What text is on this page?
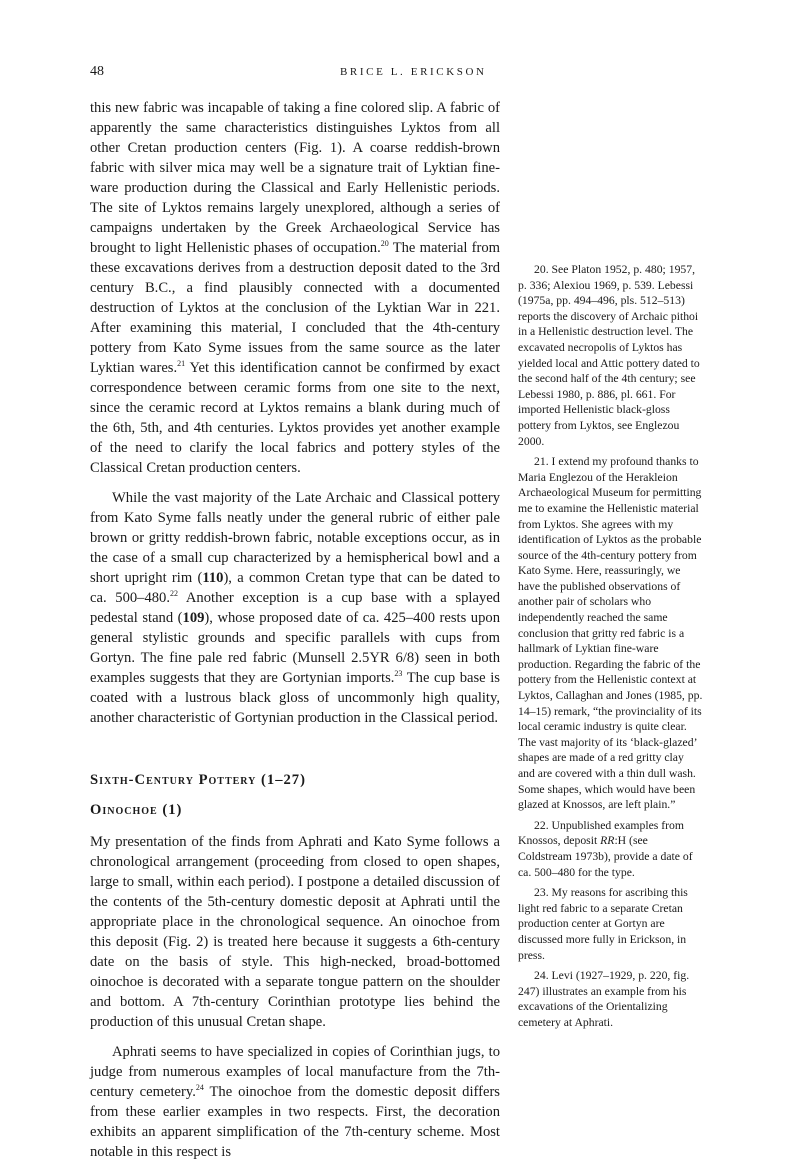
48	BRICE L. ERICKSON

this new fabric was incapable of taking a fine colored slip. A fabric of apparently the same characteristics distinguishes Lyktos from all other Cretan production centers (Fig. 1). A coarse reddish-brown fabric with silver mica may well be a signature trait of Lyktian fine-ware production during the Classical and Early Hellenistic periods. The site of Lyktos remains largely unexplored, although a series of campaigns undertaken by the Greek Archaeological Service has brought to light Hellenistic phases of occupation.$^{20}$ The material from these excavations derives from a destruction deposit dated to the 3rd century B.C., a find plausibly connected with a documented destruction of Lyktos at the conclusion of the Lyktian War in 221. After examining this material, I concluded that the 4th-century pottery from Kato Syme issues from the same source as the later Lyktian wares.$^{21}$ Yet this identification cannot be confirmed by exact correspondence between ceramic forms from one site to the next, since the ceramic record at Lyktos remains a blank during much of the 6th, 5th, and 4th centuries. Lyktos provides yet another example of the need to clarify the local fabrics and pottery styles of the Classical Cretan production centers.

While the vast majority of the Late Archaic and Classical pottery from Kato Syme falls neatly under the general rubric of either pale brown or gritty reddish-brown fabric, notable exceptions occur, as in the case of a small cup characterized by a hemispherical bowl and a short upright rim (110), a common Cretan type that can be dated to ca. 500–480.22 Another exception is a cup base with a splayed pedestal stand (109), whose proposed date of ca. 425–400 rests upon general stylistic grounds and specific parallels with cups from Gortyn. The fine pale red fabric (Munsell 2.5YR 6/8) seen in both examples suggests that they are Gortynian imports.$^{23}$ The cup base is coated with a lustrous black gloss of uncommonly high quality, another characteristic of Gortynian production in the Classical period.

Sixth-Century Pottery (1–27)
Oinochoe (1)

My presentation of the finds from Aphrati and Kato Syme follows a chronological arrangement (proceeding from closed to open shapes, large to small, within each period). I postpone a detailed discussion of the contents of the 5th-century domestic deposit at Aphrati until the appropriate place in the chronological sequence. An oinochoe from this deposit (Fig. 2) is treated here because it suggests a 6th-century date on the basis of style. This high-necked, broad-bottomed oinochoe is decorated with a separate tongue pattern on the shoulder and bottom. A 7th-century Corinthian prototype lies behind the production of this unusual Cretan shape.

Aphrati seems to have specialized in copies of Corinthian jugs, to judge from numerous examples of local manufacture from the 7th-century cemetery.$^{24}$ The oinochoe from the domestic deposit differs from these earlier examples in two respects. First, the decoration exhibits an apparent simplification of the 7th-century scheme. Most notable in this respect is

20. See Platon 1952, p. 480; 1957, p. 336; Alexiou 1969, p. 539. Lebessi (1975a, pp. 494–496, pls. 512–513) reports the discovery of Archaic pithoi in a Hellenistic destruction level. The excavated necropolis of Lyktos has yielded local and Attic pottery dated to the second half of the 4th century; see Lebessi 1980, p. 886, pl. 661. For imported Hellenistic black-gloss pottery from Lyktos, see Englezou 2000.

21. I extend my profound thanks to Maria Englezou of the Herakleion Archaeological Museum for permitting me to examine the Hellenistic material from Lyktos. She agrees with my identification of Lyktos as the probable source of the 4th-century pottery from Kato Syme. Here, reassuringly, we have the published observations of another pair of scholars who independently reached the same conclusion that gritty red fabric is a hallmark of Lyktian fine-ware production. Regarding the fabric of the pottery from the Hellenistic context at Lyktos, Callaghan and Jones (1985, pp. 14–15) remark, “the provinciality of its local ceramic industry is quite clear. The vast majority of its ‘black-glazed’ shapes are made of a red gritty clay and are covered with a thin dull wash. Some shapes, which would have been glazed at Knossos, are left plain.”

22. Unpublished examples from Knossos, deposit RR:H (see Coldstream 1973b), provide a date of ca. 500–480 for the type.

23. My reasons for ascribing this light red fabric to a separate Cretan production center at Gortyn are discussed more fully in Erickson, in press.

24. Levi (1927–1929, p. 220, fig. 247) illustrates an example from his excavations of the Orientalizing cemetery at Aphrati.
